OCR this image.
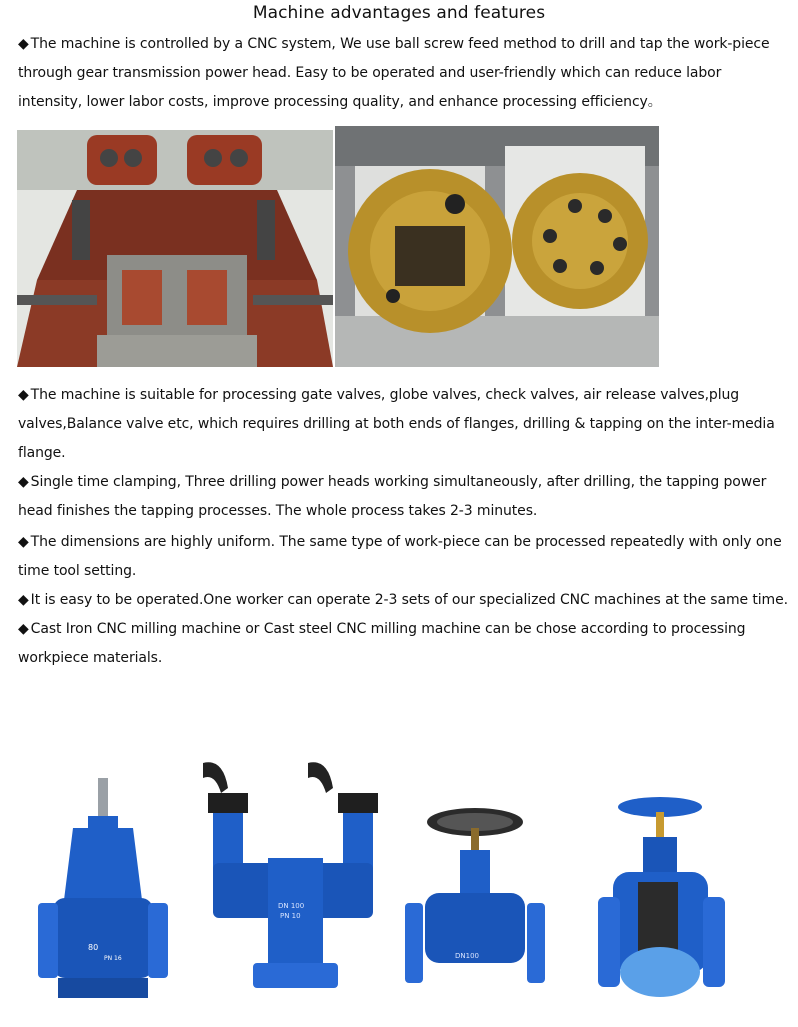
Machine advantages and features
◆ The machine is controlled by a CNC system, We use ball screw feed method to drill and tap the work-piece through gear transmission power head. Easy to be operated and user-friendly which can reduce labor intensity, lower labor costs, improve processing quality, and enhance processing efficiency。
◆ The machine is suitable for processing gate valves, globe valves, check valves, air release valves,plug valves,Balance valve etc, which requires drilling at both ends of flanges, drilling & tapping on the inter-media flange.
◆ Single time clamping, Three drilling power heads working simultaneously, after drilling, the tapping power head finishes the tapping processes. The whole process takes 2-3 minutes.
◆ The dimensions are highly uniform. The same type of work-piece can be processed repeatedly with only one time tool setting.
◆ It is easy to be operated.One worker can operate 2-3 sets of our specialized CNC machines at the same time.
◆ Cast Iron CNC milling machine or Cast steel CNC milling machine can be chose according to processing workpiece materials.
80
PN 16
DN 100
PN 10
DN100
